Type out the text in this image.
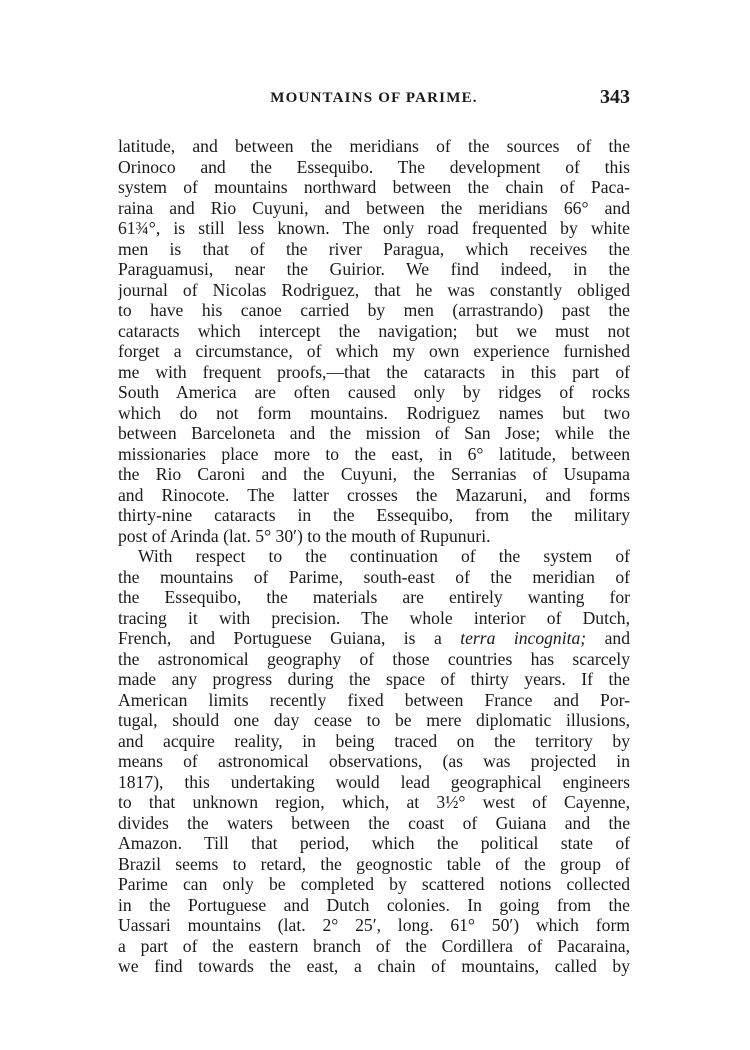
MOUNTAINS OF PARIME.	343
latitude, and between the meridians of the sources of the
Orinoco and the Essequibo. The development of this
system of mountains northward between the chain of Paca-
raina and Rio Cuyuni, and between the meridians 66° and
61¾°, is still less known. The only road frequented by white
men is that of the river Paragua, which receives the
Paraguamusi, near the Guirior. We find indeed, in the
journal of Nicolas Rodriguez, that he was constantly obliged
to have his canoe carried by men (arrastrando) past the
cataracts which intercept the navigation; but we must not
forget a circumstance, of which my own experience furnished
me with frequent proofs,—that the cataracts in this part of
South America are often caused only by ridges of rocks
which do not form mountains. Rodriguez names but two
between Barceloneta and the mission of San Jose; while the
missionaries place more to the east, in 6° latitude, between
the Rio Caroni and the Cuyuni, the Serranias of Usupama
and Rinocote. The latter crosses the Mazaruni, and forms
thirty-nine cataracts in the Essequibo, from the military
post of Arinda (lat. 5° 30′) to the mouth of Rupunuri.
With respect to the continuation of the system of
the mountains of Parime, south-east of the meridian of
the Essequibo, the materials are entirely wanting for
tracing it with precision. The whole interior of Dutch,
French, and Portuguese Guiana, is a terra incognita; and
the astronomical geography of those countries has scarcely
made any progress during the space of thirty years. If the
American limits recently fixed between France and Por-
tugal, should one day cease to be mere diplomatic illusions,
and acquire reality, in being traced on the territory by
means of astronomical observations, (as was projected in
1817), this undertaking would lead geographical engineers
to that unknown region, which, at 3½° west of Cayenne,
divides the waters between the coast of Guiana and the
Amazon. Till that period, which the political state of
Brazil seems to retard, the geognostic table of the group of
Parime can only be completed by scattered notions collected
in the Portuguese and Dutch colonies. In going from the
Uassari mountains (lat. 2° 25′, long. 61° 50′) which form
a part of the eastern branch of the Cordillera of Pacaraina,
we find towards the east, a chain of mountains, called by
